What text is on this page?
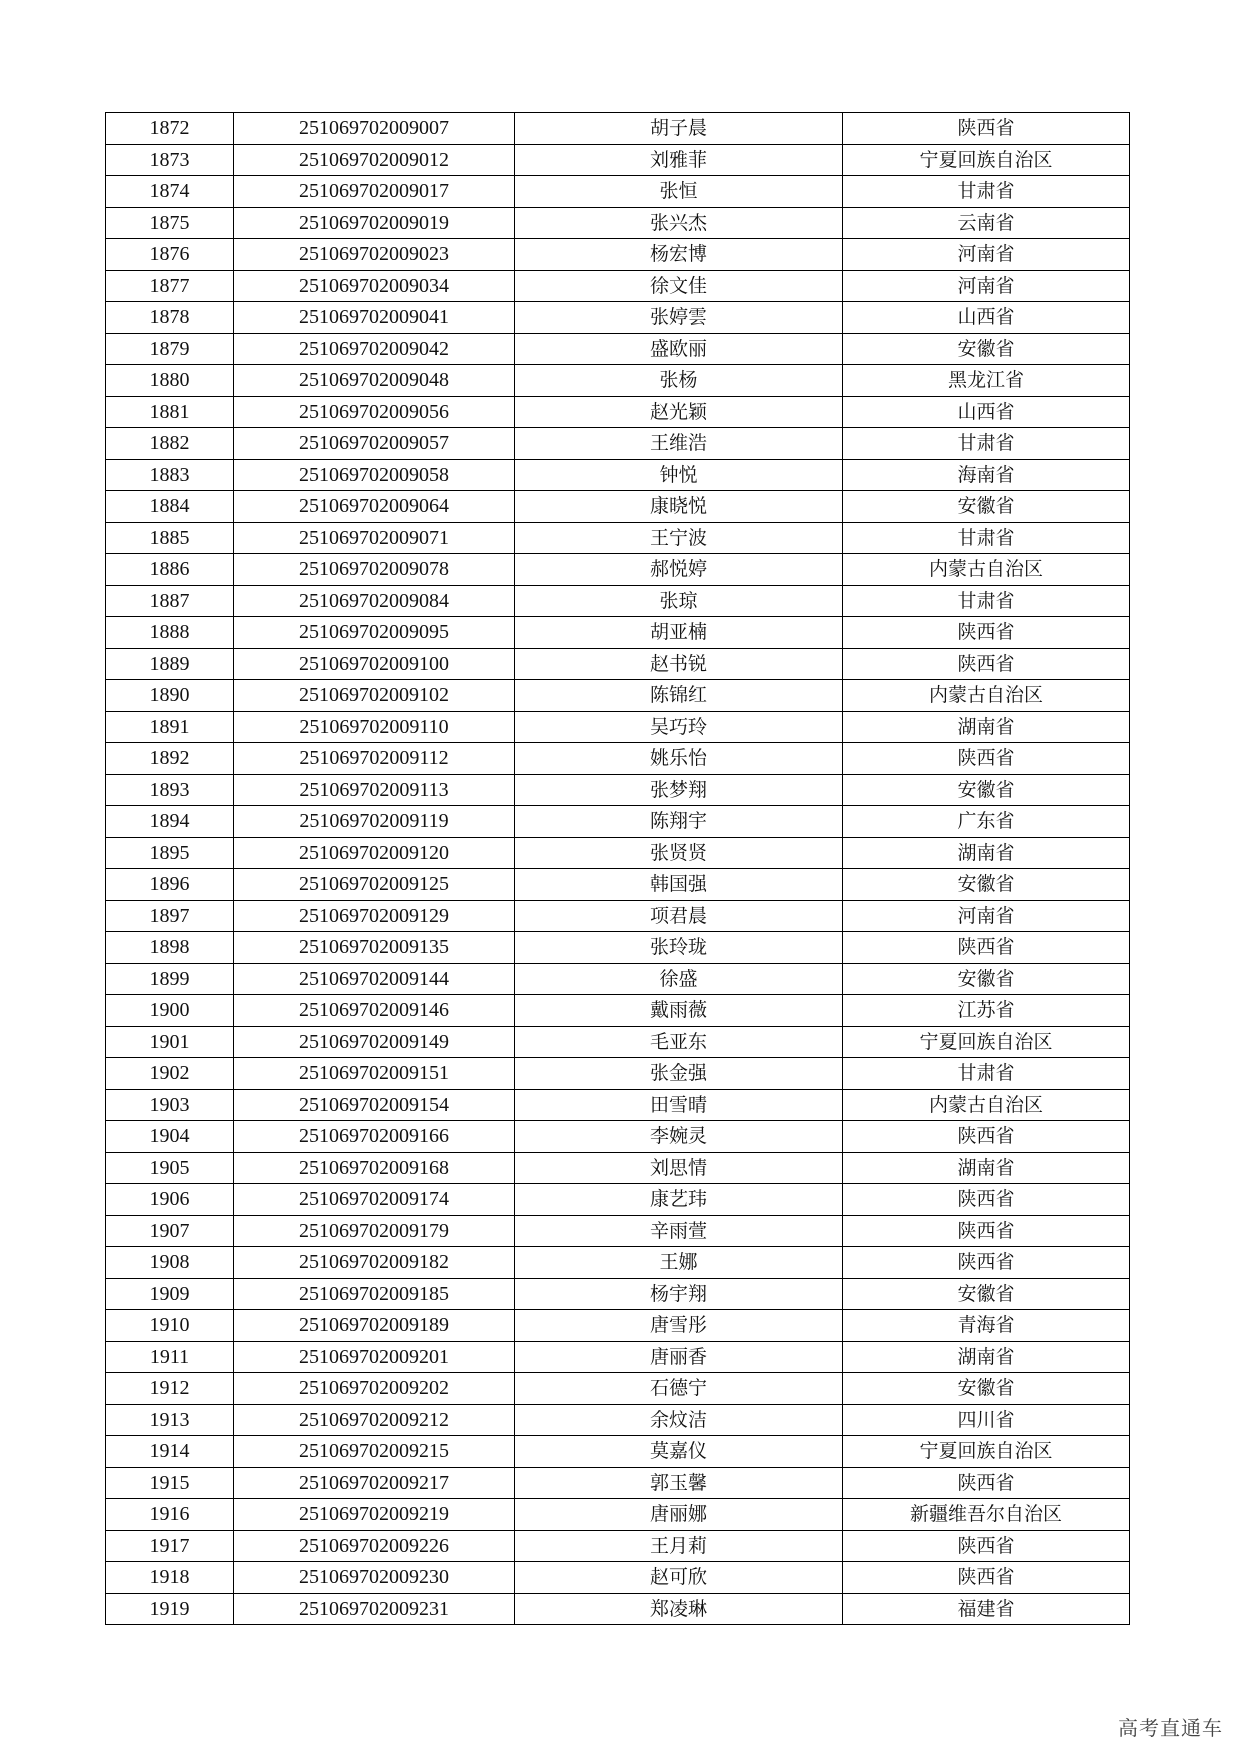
1872	251069702009007	胡子晨	陕西省
1873	251069702009012	刘雅菲	宁夏回族自治区
1874	251069702009017	张恒	甘肃省
1875	251069702009019	张兴杰	云南省
1876	251069702009023	杨宏博	河南省
1877	251069702009034	徐文佳	河南省
1878	251069702009041	张婷雲	山西省
1879	251069702009042	盛欧丽	安徽省
1880	251069702009048	张杨	黑龙江省
1881	251069702009056	赵光颖	山西省
1882	251069702009057	王维浩	甘肃省
1883	251069702009058	钟悦	海南省
1884	251069702009064	康晓悦	安徽省
1885	251069702009071	王宁波	甘肃省
1886	251069702009078	郝悦婷	内蒙古自治区
1887	251069702009084	张琼	甘肃省
1888	251069702009095	胡亚楠	陕西省
1889	251069702009100	赵书锐	陕西省
1890	251069702009102	陈锦红	内蒙古自治区
1891	251069702009110	吴巧玲	湖南省
1892	251069702009112	姚乐怡	陕西省
1893	251069702009113	张梦翔	安徽省
1894	251069702009119	陈翔宇	广东省
1895	251069702009120	张贤贤	湖南省
1896	251069702009125	韩国强	安徽省
1897	251069702009129	项君晨	河南省
1898	251069702009135	张玲珑	陕西省
1899	251069702009144	徐盛	安徽省
1900	251069702009146	戴雨薇	江苏省
1901	251069702009149	毛亚东	宁夏回族自治区
1902	251069702009151	张金强	甘肃省
1903	251069702009154	田雪晴	内蒙古自治区
1904	251069702009166	李婉灵	陕西省
1905	251069702009168	刘思情	湖南省
1906	251069702009174	康艺玮	陕西省
1907	251069702009179	辛雨萱	陕西省
1908	251069702009182	王娜	陕西省
1909	251069702009185	杨宇翔	安徽省
1910	251069702009189	唐雪彤	青海省
1911	251069702009201	唐丽香	湖南省
1912	251069702009202	石德宁	安徽省
1913	251069702009212	余炆洁	四川省
1914	251069702009215	莫嘉仪	宁夏回族自治区
1915	251069702009217	郭玉馨	陕西省
1916	251069702009219	唐丽娜	新疆维吾尔自治区
1917	251069702009226	王月莉	陕西省
1918	251069702009230	赵可欣	陕西省
1919	251069702009231	郑凌琳	福建省
高考直通车
